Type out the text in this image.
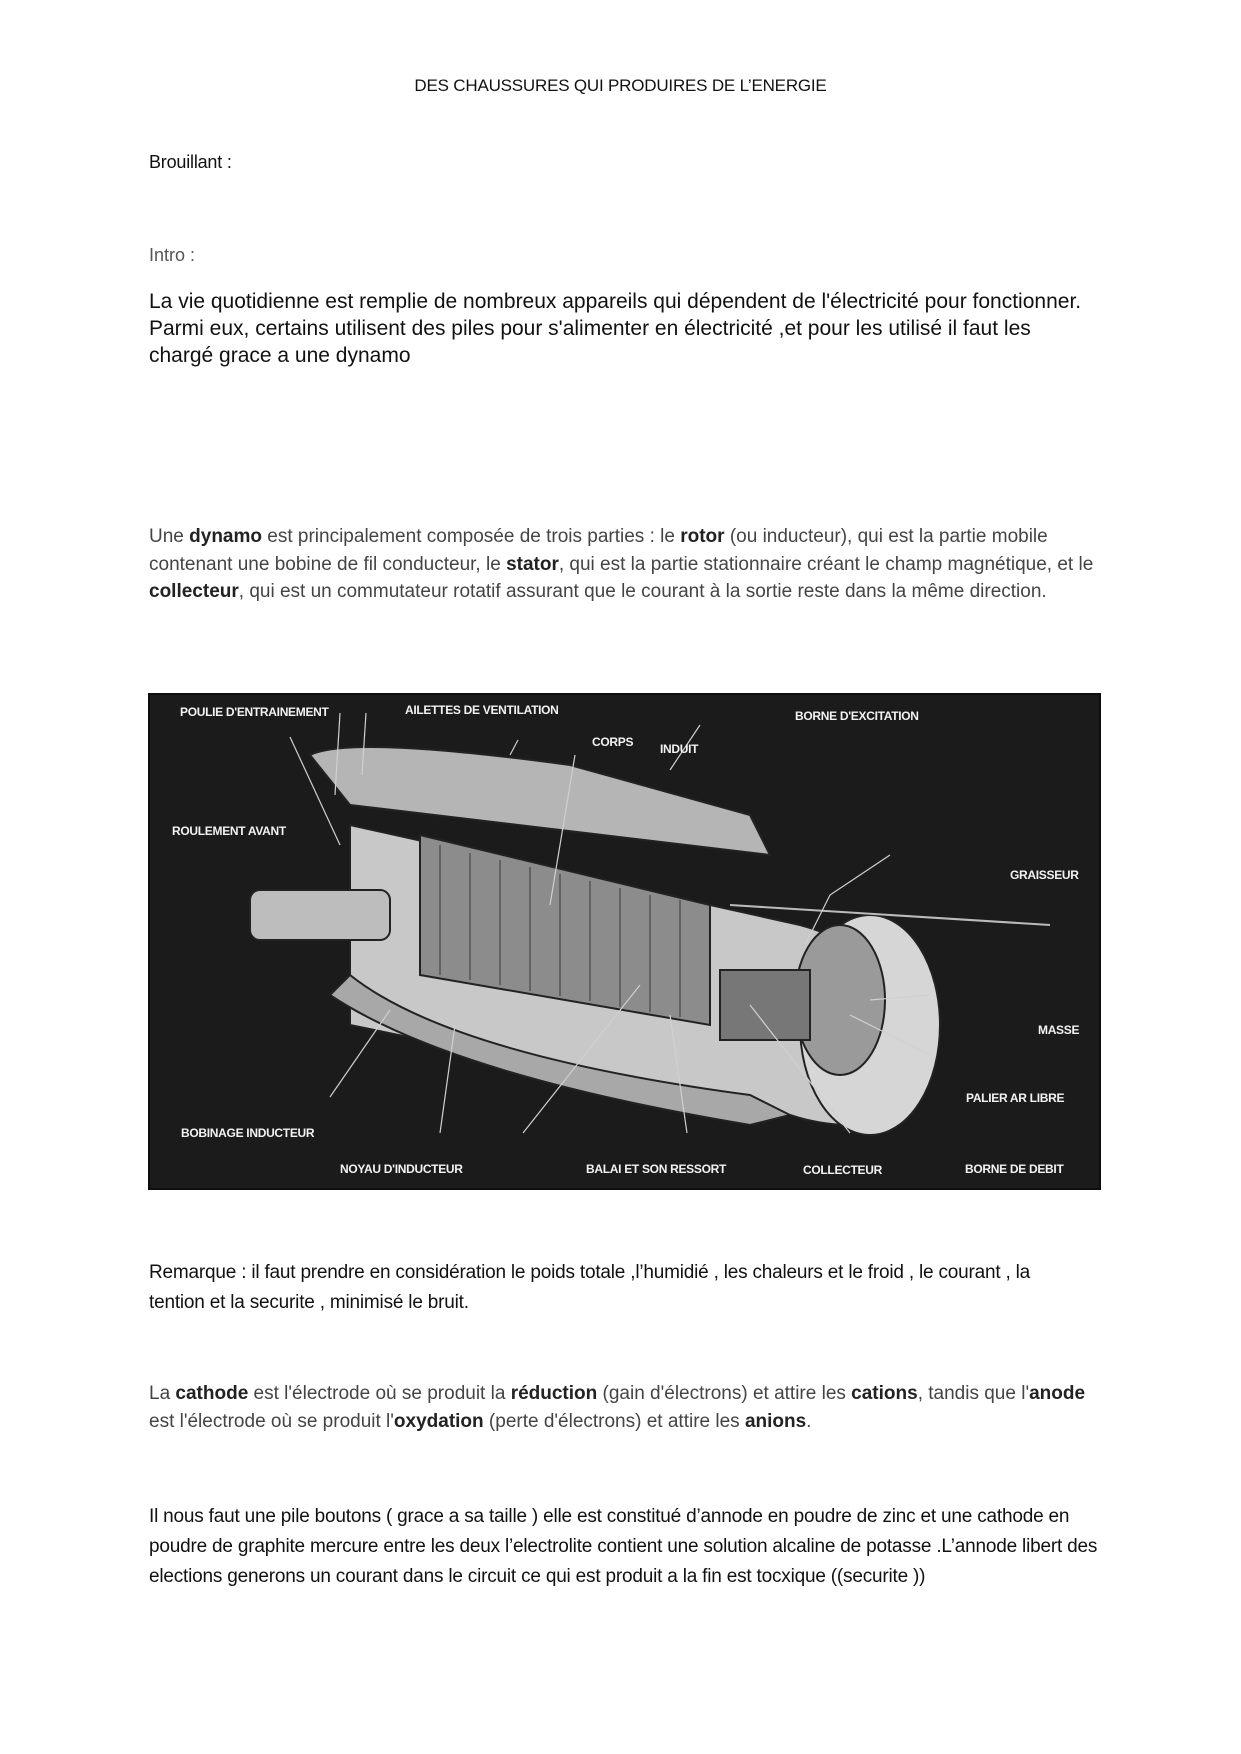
DES CHAUSSURES QUI PRODUIRES DE L’ENERGIE
Brouillant :
Intro :
La vie quotidienne est remplie de nombreux appareils qui dépendent de l'électricité pour fonctionner. Parmi eux, certains utilisent des piles pour s'alimenter en électricité ,et pour les utilisé il faut les chargé grace a une dynamo
Une dynamo est principalement composée de trois parties : le rotor (ou inducteur), qui est la partie mobile contenant une bobine de fil conducteur, le stator, qui est la partie stationnaire créant le champ magnétique, et le collecteur, qui est un commutateur rotatif assurant que le courant à la sortie reste dans la même direction.
POULIE D'ENTRAINEMENT	AILETTES DE VENTILATION
CORPS INDUIT
BORNE D'EXCITATION
ROULEMENT AVANT
GRAISSEUR
MASSE
PALIER AR LIBRE
BOBINAGE INDUCTEUR
NOYAU D'INDUCTEUR	BALAI ET SON RESSORT	COLLECTEUR	BORNE DE DEBIT
Remarque : il faut prendre en considération le poids totale ,l’humidié , les chaleurs et le froid , le courant , la tention et la securite , minimisé le bruit.
La cathode est l'électrode où se produit la réduction (gain d'électrons) et attire les cations, tandis que l'anode est l'électrode où se produit l'oxydation (perte d'électrons) et attire les anions.
Il nous faut une pile boutons ( grace a sa taille ) elle est constitué d’annode en poudre de zinc et une cathode en poudre de graphite mercure entre les deux l’electrolite contient une solution alcaline de potasse .L’annode libert des elections generons un courant dans le circuit ce qui est produit a la fin est tocxique ((securite ))
